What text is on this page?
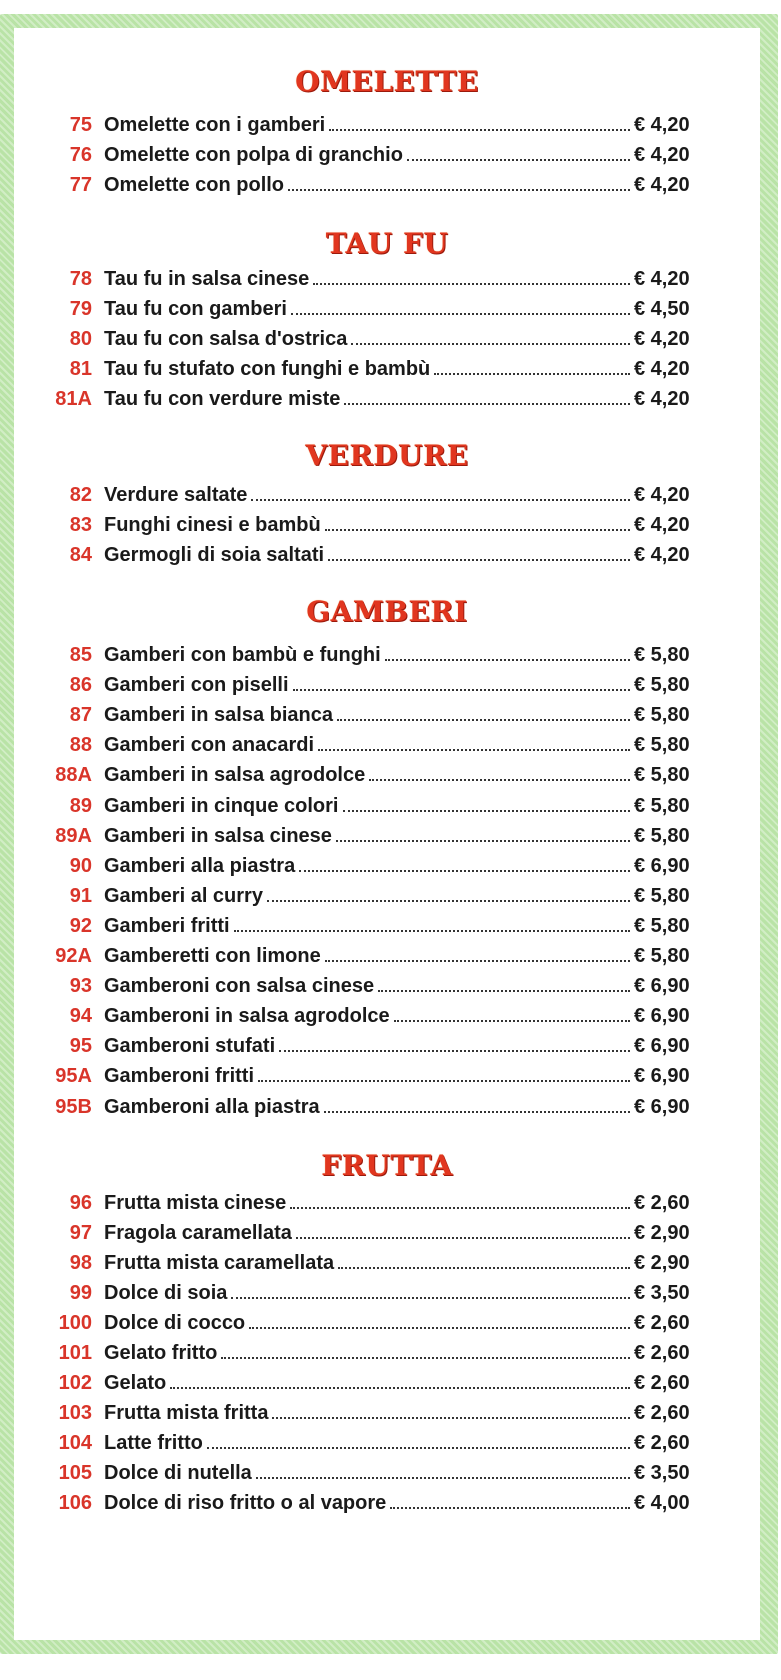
OMELETTE
75 Omelette con i gamberi	€ 4,20
76 Omelette con polpa di granchio	€ 4,20
77 Omelette con pollo	€ 4,20
TAU FU
78 Tau fu in salsa cinese	€ 4,20
79 Tau fu con gamberi	€ 4,50
80 Tau fu con salsa d'ostrica	€ 4,20
81 Tau fu stufato con funghi e bambù	€ 4,20
81A Tau fu con verdure miste	€ 4,20
VERDURE
82 Verdure saltate	€ 4,20
83 Funghi cinesi e bambù	€ 4,20
84 Germogli di soia saltati	€ 4,20
GAMBERI
85 Gamberi con bambù e funghi	€ 5,80
86 Gamberi con piselli	€ 5,80
87 Gamberi in salsa bianca	€ 5,80
88 Gamberi con anacardi	€ 5,80
88A Gamberi in salsa agrodolce	€ 5,80
89 Gamberi in cinque colori	€ 5,80
89A Gamberi in salsa cinese	€ 5,80
90 Gamberi alla piastra	€ 6,90
91 Gamberi al curry	€ 5,80
92 Gamberi fritti	€ 5,80
92A Gamberetti con limone	€ 5,80
93 Gamberoni con salsa cinese	€ 6,90
94 Gamberoni in salsa agrodolce	€ 6,90
95 Gamberoni stufati	€ 6,90
95A Gamberoni fritti	€ 6,90
95B Gamberoni alla piastra	€ 6,90
FRUTTA
96 Frutta mista cinese	€ 2,60
97 Fragola caramellata	€ 2,90
98 Frutta mista caramellata	€ 2,90
99 Dolce di soia	€ 3,50
100 Dolce di cocco	€ 2,60
101 Gelato fritto	€ 2,60
102 Gelato	€ 2,60
103 Frutta mista fritta	€ 2,60
104 Latte fritto	€ 2,60
105 Dolce di nutella	€ 3,50
106 Dolce di riso fritto o al vapore	€ 4,00
